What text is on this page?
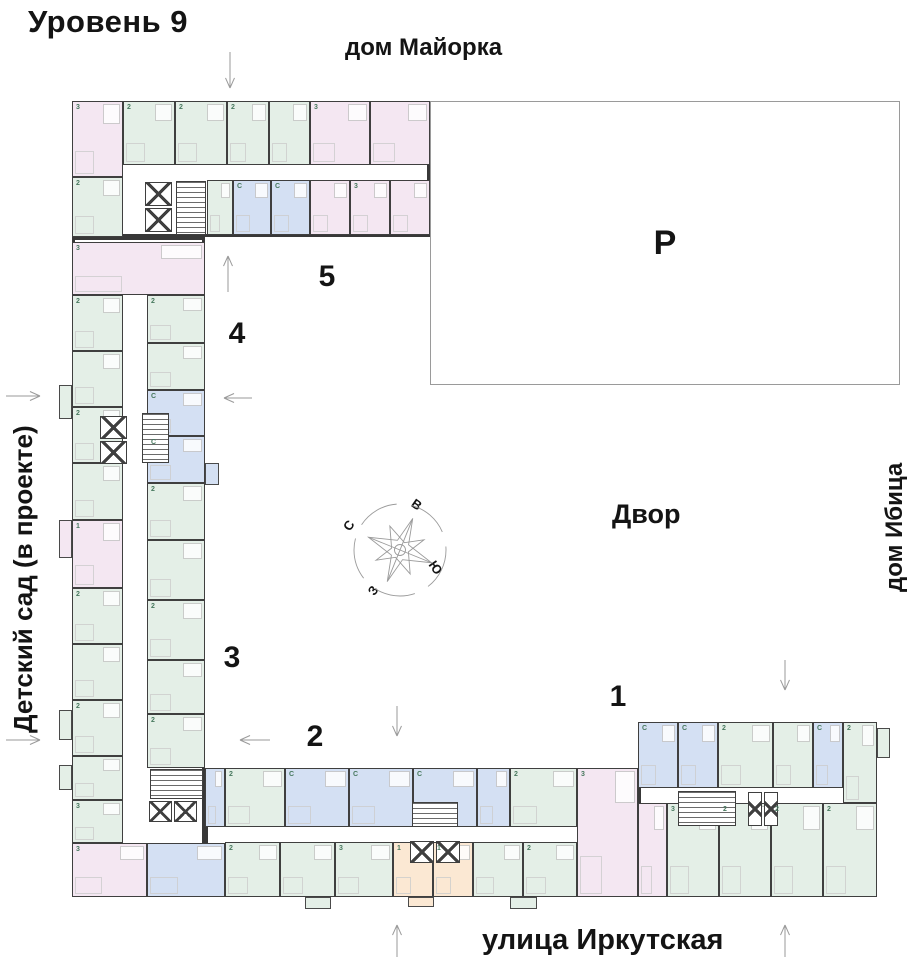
Уровень 9
дом Майорка
дом Ибица
Детский сад (в проекте)
улица Иркутская
Двор
Р
3	2	2	2	3
2	С	С	3
3
2
2
1
2
2
3
3
2
С
С
2
2
2
2	С	С	С	2	3
2	3	1	1	2
С	С	2	С	2
3	2	2	2
1
2
3
4
5
С
В
Ю
З
